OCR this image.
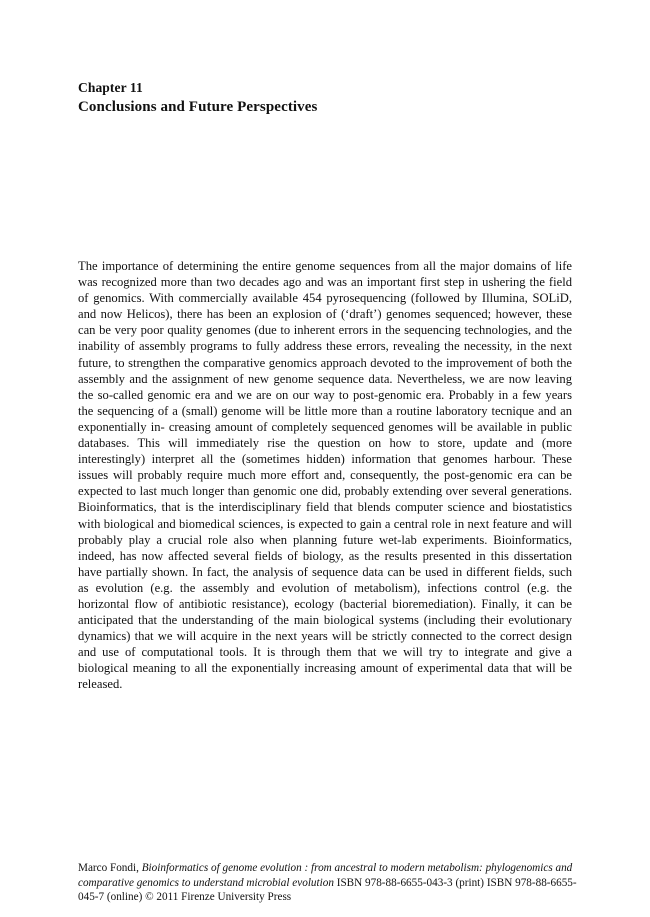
Chapter 11
Conclusions and Future Perspectives

The importance of determining the entire genome sequences from all the major domains of life was recognized more than two decades ago and was an important first step in ushering the field of genomics. With commercially available 454 pyrosequencing (followed by Illumina, SOLiD, and now Helicos), there has been an explosion of (‘draft’) genomes sequenced; however, these can be very poor quality genomes (due to inherent errors in the sequencing technologies, and the inability of assembly programs to fully address these errors, revealing the necessity, in the next future, to strengthen the comparative genomics approach devoted to the improvement of both the assembly and the assignment of new genome sequence data. Nevertheless, we are now leaving the so-called genomic era and we are on our way to post-genomic era. Probably in a few years the sequencing of a (small) genome will be little more than a routine laboratory tecnique and an exponentially in- creasing amount of completely sequenced genomes will be available in public databases. This will immediately rise the question on how to store, update and (more interestingly) interpret all the (sometimes hidden) information that genomes harbour. These issues will probably require much more effort and, consequently, the post-genomic era can be expected to last much longer than genomic one did, probably extending over several generations. Bioinformatics, that is the interdisciplinary field that blends computer science and biostatistics with biological and biomedical sciences, is expected to gain a central role in next feature and will probably play a crucial role also when planning future wet-lab experiments. Bioinformatics, indeed, has now affected several fields of biology, as the results presented in this dissertation have partially shown. In fact, the analysis of sequence data can be used in different fields, such as evolution (e.g. the assembly and evolution of metabolism), infections control (e.g. the horizontal flow of antibiotic resistance), ecology (bacterial bioremediation). Finally, it can be anticipated that the understanding of the main biological systems (including their evolutionary dynamics) that we will acquire in the next years will be strictly connected to the correct design and use of computational tools. It is through them that we will try to integrate and give a biological meaning to all the exponentially increasing amount of experimental data that will be released.

Marco Fondi, Bioinformatics of genome evolution : from ancestral to modern metabolism: phylogenomics and comparative genomics to understand microbial evolution ISBN 978-88-6655-043-3 (print) ISBN 978-88-6655-045-7 (online) © 2011 Firenze University Press
